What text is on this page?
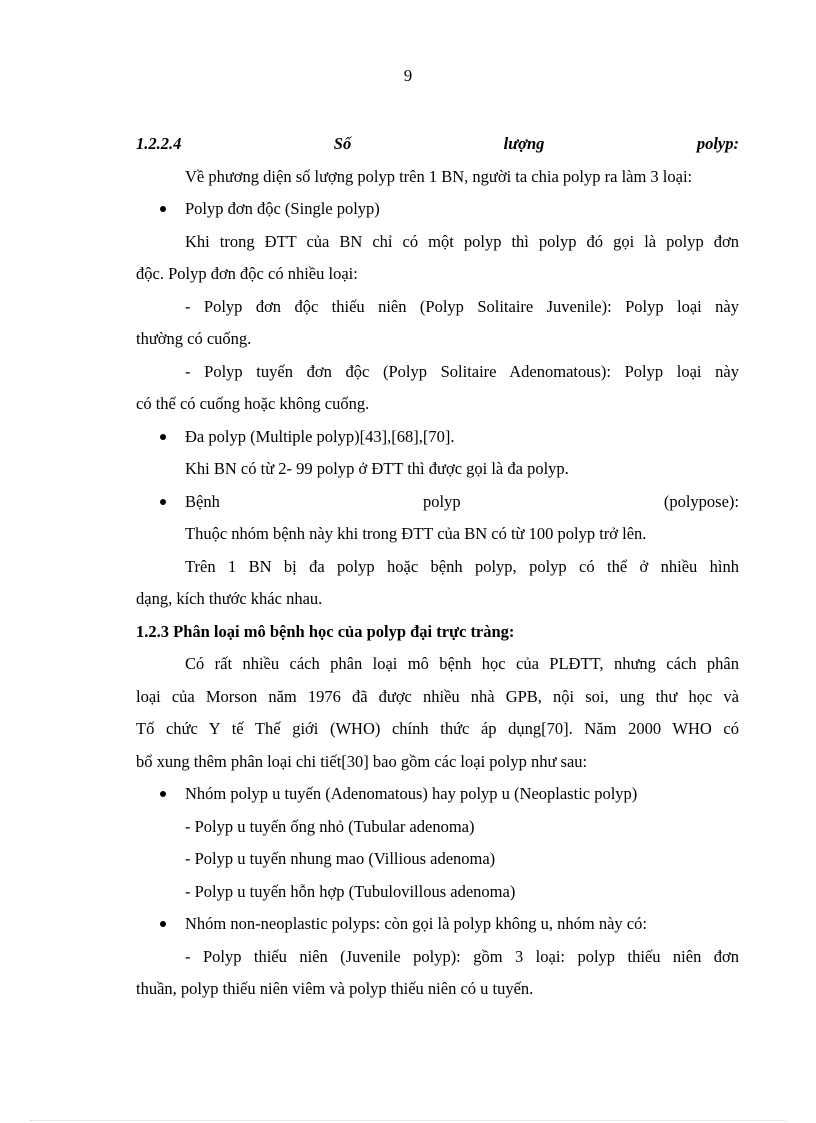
9
1.2.2.4	Số	lượng	polyp:
Về phương diện số lượng polyp trên 1 BN, người ta chia polyp ra làm 3 loại:
Polyp đơn độc (Single polyp)
Khi trong ĐTT của BN chỉ có một polyp thì polyp đó gọi là polyp đơn
độc. Polyp đơn độc có nhiều loại:
- Polyp đơn độc thiếu niên (Polyp Solitaire Juvenile): Polyp loại này
thường có cuống.
- Polyp tuyến đơn độc (Polyp Solitaire Adenomatous): Polyp loại này
có thể có cuống hoặc không cuống.
Đa polyp (Multiple polyp)[43],[68],[70].
Khi BN có từ 2- 99 polyp ở ĐTT thì được gọi là đa polyp.
Bệnh	polyp	(polypose):
Thuộc nhóm bệnh này khi trong ĐTT của BN có từ 100 polyp trở lên.
Trên 1 BN bị đa polyp hoặc bệnh polyp, polyp có thể ở nhiều hình
dạng, kích thước khác nhau.
1.2.3 Phân loại mô bệnh học của polyp đại trực tràng:
Có rất nhiều cách phân loại mô bệnh học của PLĐTT, nhưng cách phân
loại của Morson năm 1976 đã được nhiều nhà GPB, nội soi, ung thư học và
Tổ chức Y tế Thế giới (WHO) chính thức áp dụng[70]. Năm 2000 WHO có
bổ xung thêm phân loại chi tiết[30] bao gồm các loại polyp như sau:
Nhóm polyp u tuyến (Adenomatous) hay polyp u (Neoplastic polyp)
- Polyp u tuyến ống nhỏ (Tubular adenoma)
- Polyp u tuyến nhung mao (Villious adenoma)
- Polyp u tuyến hỗn hợp (Tubulovillous adenoma)
Nhóm non-neoplastic polyps: còn gọi là polyp không u, nhóm này có:
- Polyp thiếu niên (Juvenile polyp): gồm 3 loại: polyp thiếu niên đơn
thuần, polyp thiếu niên viêm và polyp thiếu niên có u tuyến.
